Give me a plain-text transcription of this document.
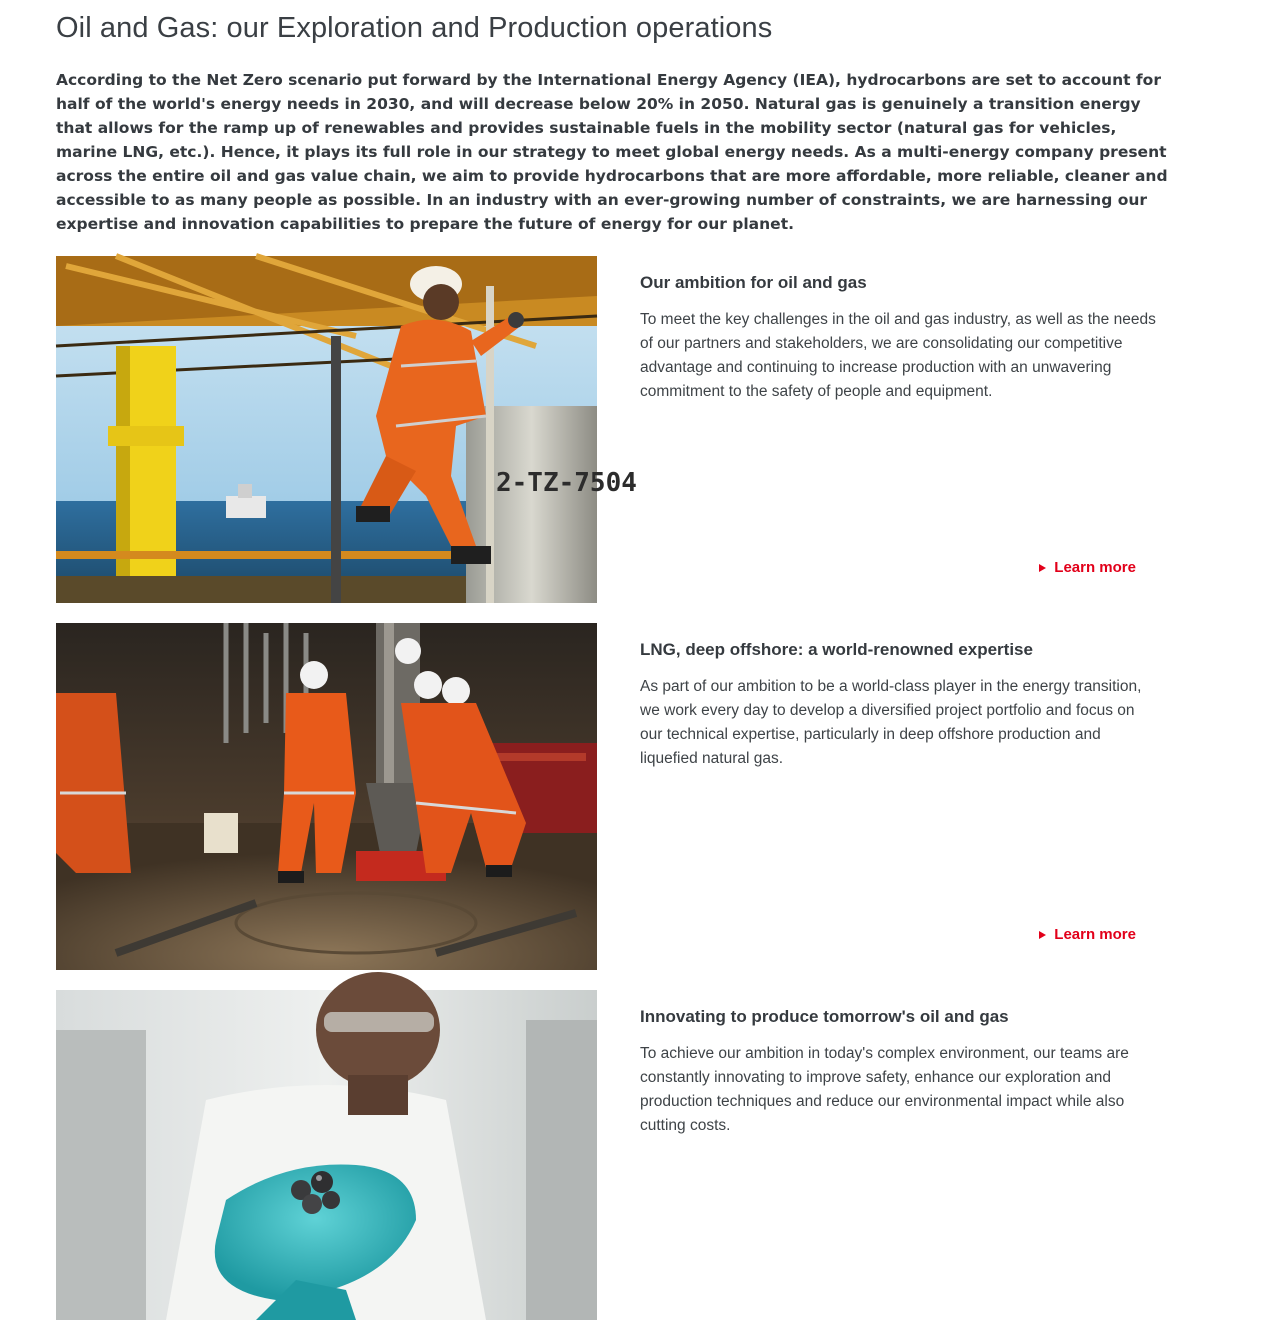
Oil and Gas: our Exploration and Production operations

According to the Net Zero scenario put forward by the International Energy Agency (IEA), hydrocarbons are set to account for half of the world's energy needs in 2030, and will decrease below 20% in 2050. Natural gas is genuinely a transition energy that allows for the ramp up of renewables and provides sustainable fuels in the mobility sector (natural gas for vehicles, marine LNG, etc.). Hence, it plays its full role in our strategy to meet global energy needs. As a multi-energy company present across the entire oil and gas value chain, we aim to provide hydrocarbons that are more affordable, more reliable, cleaner and accessible to as many people as possible. In an industry with an ever-growing number of constraints, we are harnessing our expertise and innovation capabilities to prepare the future of energy for our planet.

2-TZ-7504
Our ambition for oil and gas

To meet the key challenges in the oil and gas industry, as well as the needs of our partners and stakeholders, we are consolidating our competitive advantage and continuing to increase production with an unwavering commitment to the safety of people and equipment.

Learn more
LNG, deep offshore: a world-renowned expertise

As part of our ambition to be a world-class player in the energy transition, we work every day to develop a diversified project portfolio and focus on our technical expertise, particularly in deep offshore production and liquefied natural gas.

Learn more
Innovating to produce tomorrow's oil and gas

To achieve our ambition in today's complex environment, our teams are constantly innovating to improve safety, enhance our exploration and production techniques and reduce our environmental impact while also cutting costs.
